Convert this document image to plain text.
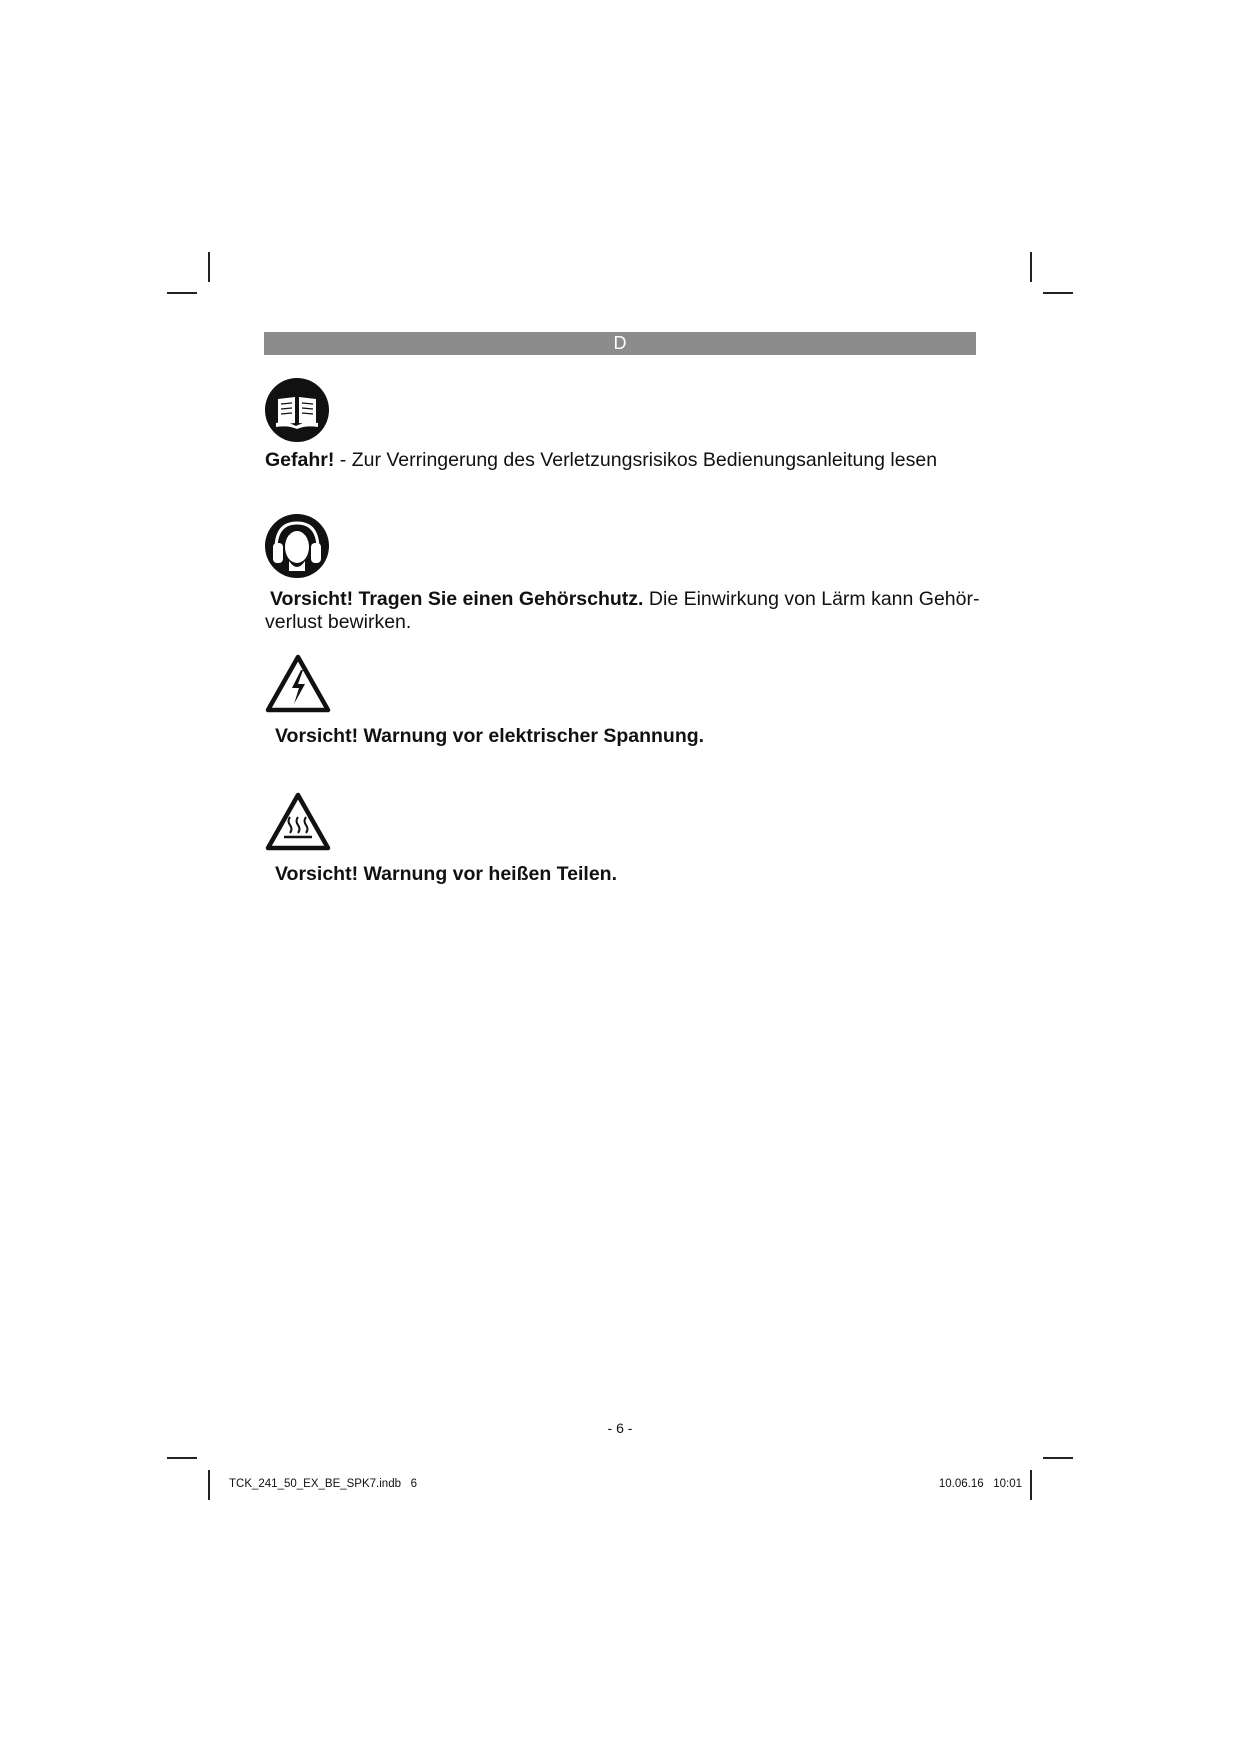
D
Gefahr! - Zur Verringerung des Verletzungsrisikos Bedienungsanleitung lesen
Vorsicht! Tragen Sie einen Gehörschutz. Die Einwirkung von Lärm kann Gehör-verlust bewirken.
Vorsicht! Warnung vor elektrischer Spannung.
Vorsicht! Warnung vor heißen Teilen.
- 6 -
TCK_241_50_EX_BE_SPK7.indb   6	10.06.16   10:01
